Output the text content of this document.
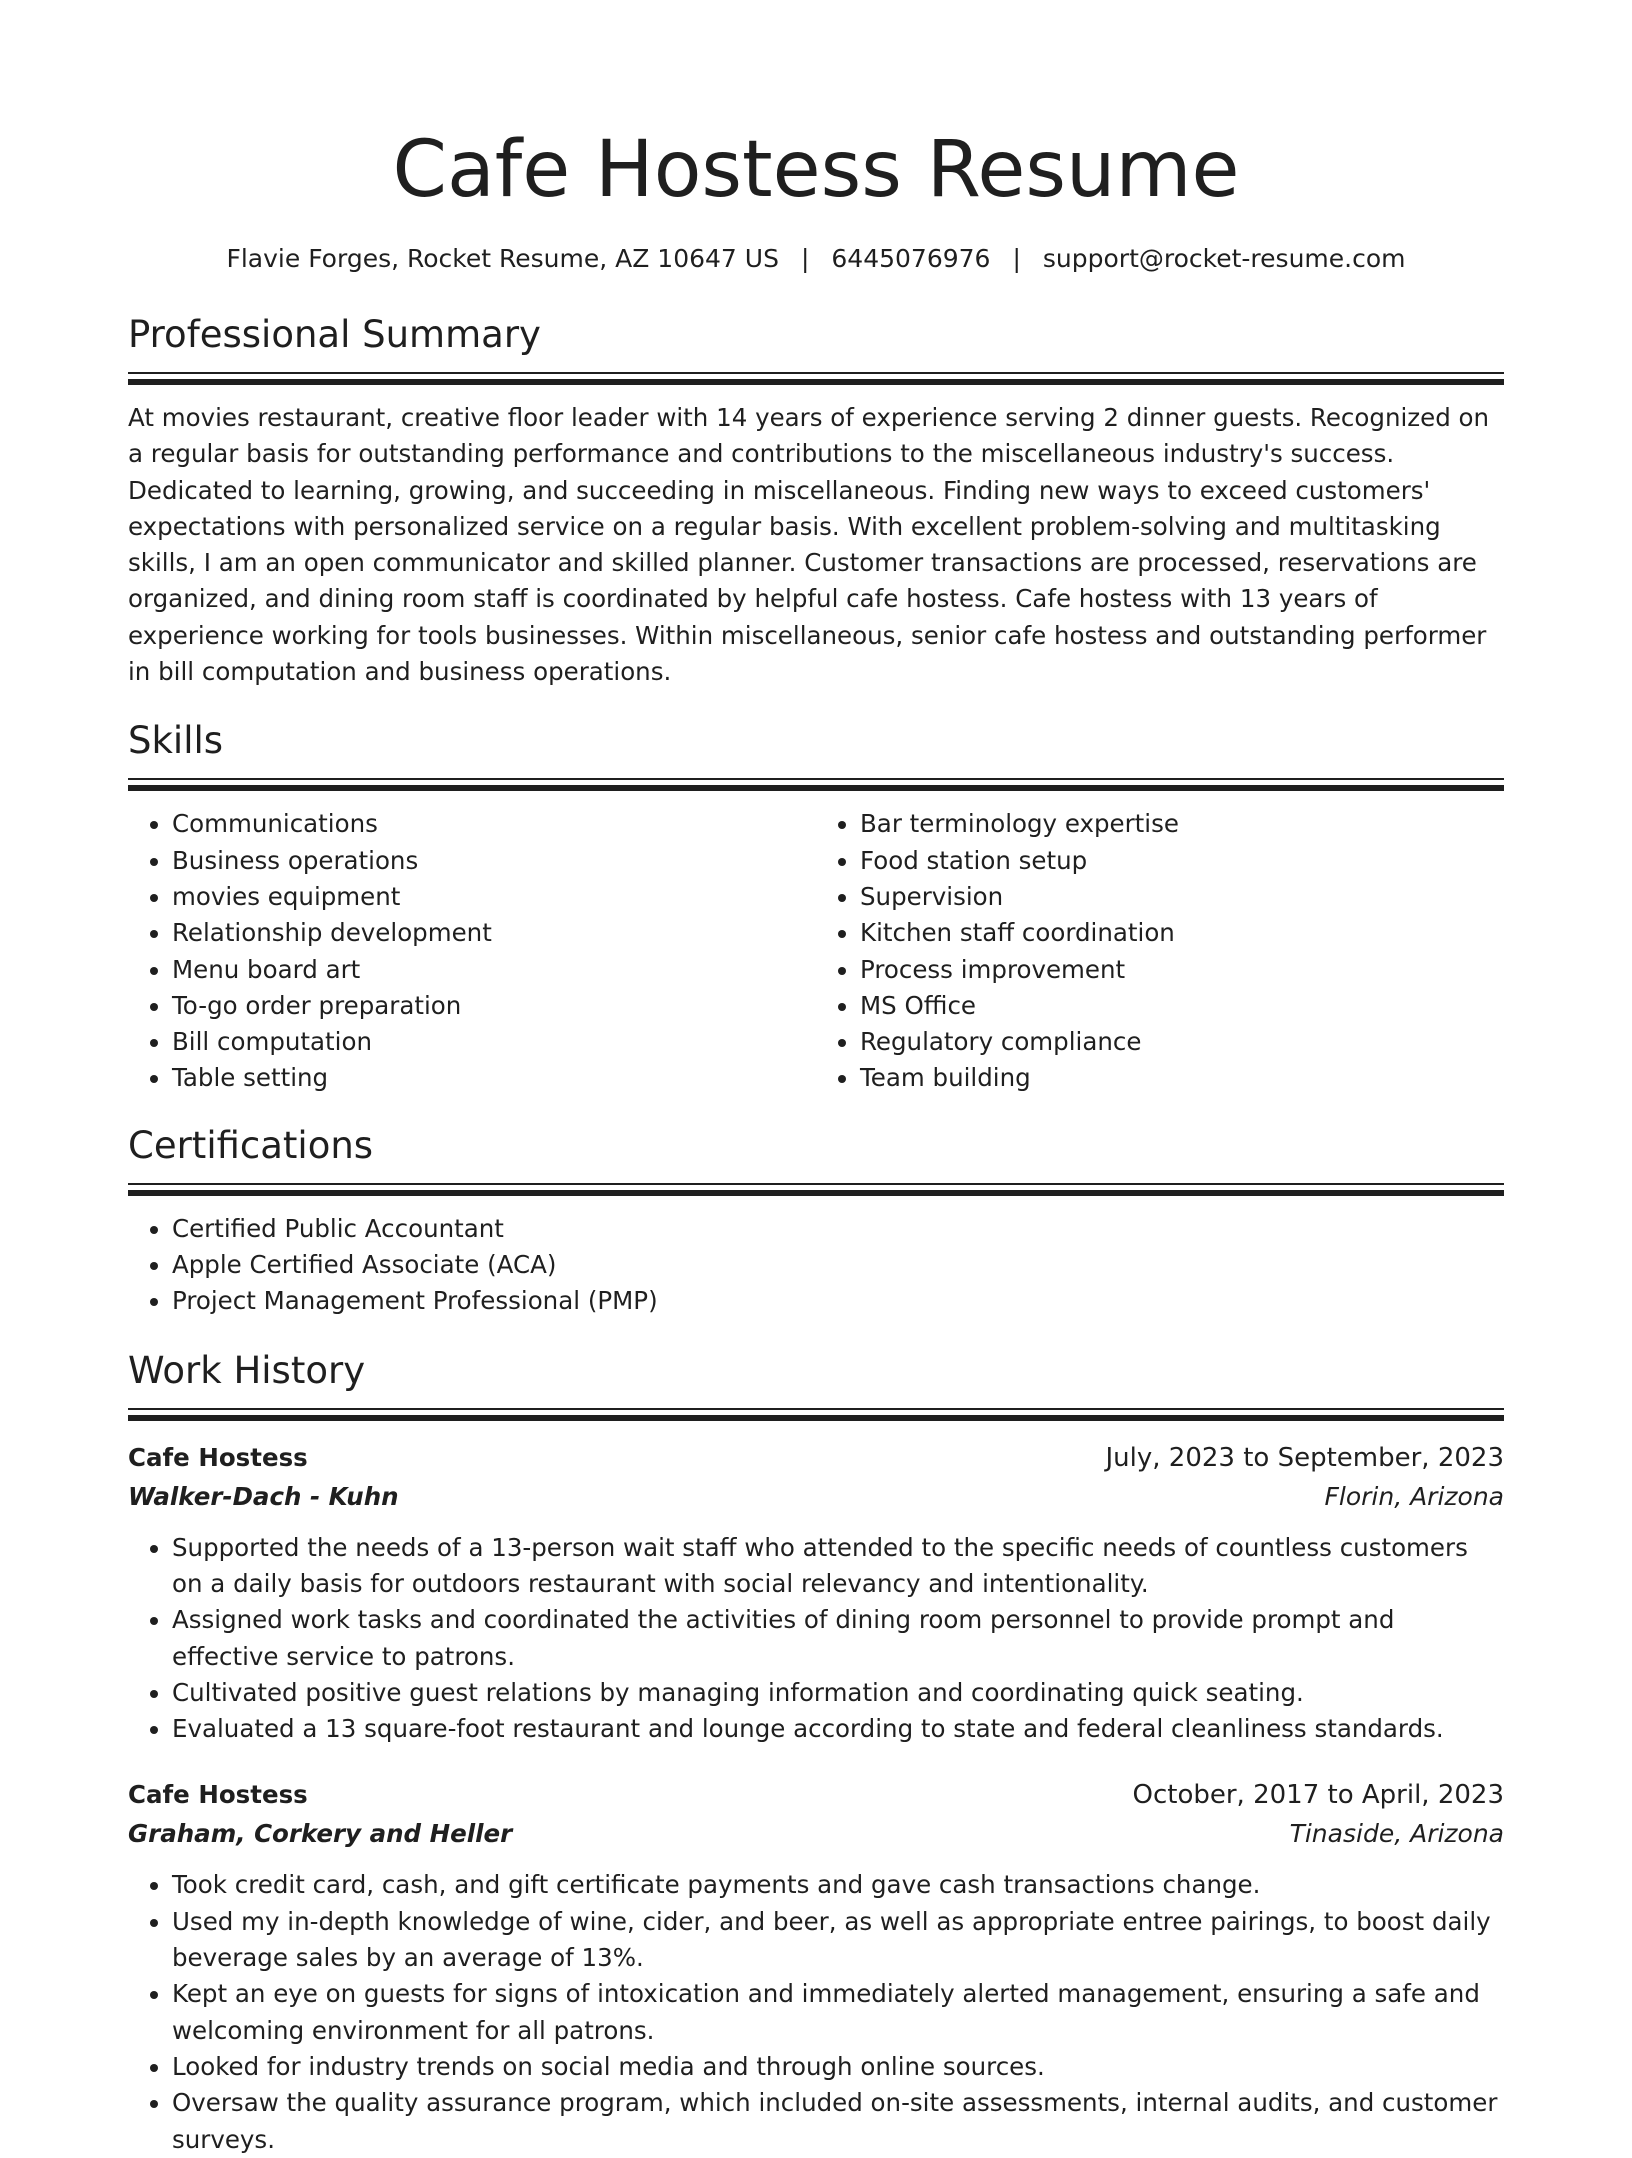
Cafe Hostess Resume
Flavie Forges, Rocket Resume, AZ 10647 US | 6445076976 | support@rocket-resume.com
Professional Summary
At movies restaurant, creative floor leader with 14 years of experience serving 2 dinner guests. Recognized on a regular basis for outstanding performance and contributions to the miscellaneous industry's success. Dedicated to learning, growing, and succeeding in miscellaneous. Finding new ways to exceed customers' expectations with personalized service on a regular basis. With excellent problem-solving and multitasking skills, I am an open communicator and skilled planner. Customer transactions are processed, reservations are organized, and dining room staff is coordinated by helpful cafe hostess. Cafe hostess with 13 years of experience working for tools businesses. Within miscellaneous, senior cafe hostess and outstanding performer in bill computation and business operations.
Skills
• Communications
• Business operations
• movies equipment
• Relationship development
• Menu board art
• To-go order preparation
• Bill computation
• Table setting
• Bar terminology expertise
• Food station setup
• Supervision
• Kitchen staff coordination
• Process improvement
• MS Office
• Regulatory compliance
• Team building
Certifications
• Certified Public Accountant
• Apple Certified Associate (ACA)
• Project Management Professional (PMP)
Work History
Cafe Hostess	July, 2023 to September, 2023
Walker-Dach - Kuhn	Florin, Arizona
• Supported the needs of a 13-person wait staff who attended to the specific needs of countless customers on a daily basis for outdoors restaurant with social relevancy and intentionality.
• Assigned work tasks and coordinated the activities of dining room personnel to provide prompt and effective service to patrons.
• Cultivated positive guest relations by managing information and coordinating quick seating.
• Evaluated a 13 square-foot restaurant and lounge according to state and federal cleanliness standards.
Cafe Hostess	October, 2017 to April, 2023
Graham, Corkery and Heller	Tinaside, Arizona
• Took credit card, cash, and gift certificate payments and gave cash transactions change.
• Used my in-depth knowledge of wine, cider, and beer, as well as appropriate entree pairings, to boost daily beverage sales by an average of 13%.
• Kept an eye on guests for signs of intoxication and immediately alerted management, ensuring a safe and welcoming environment for all patrons.
• Looked for industry trends on social media and through online sources.
• Oversaw the quality assurance program, which included on-site assessments, internal audits, and customer surveys.
